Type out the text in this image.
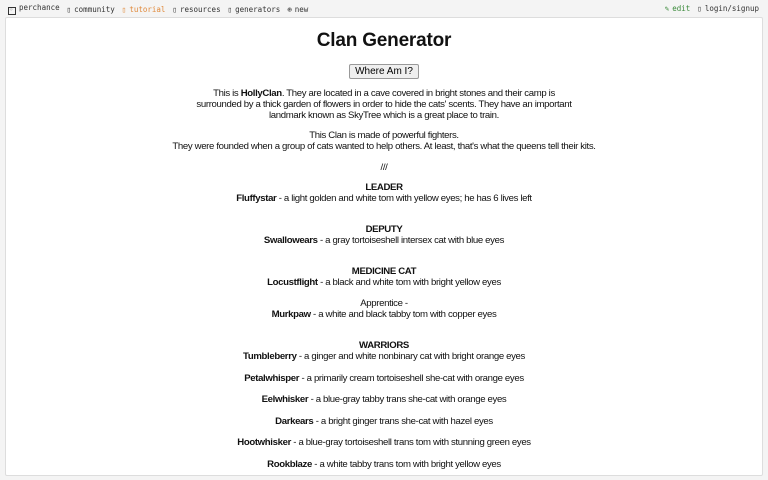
⁘ perchance ▯ community ▯ tutorial ▯ resources ▯ generators ⊕ new	✎ edit ▯ login/signup
Clan Generator
Where Am I?
This is HollyClan. They are located in a cave covered in bright stones and their camp is surrounded by a thick garden of flowers in order to hide the cats' scents. They have an important landmark known as SkyTree which is a great place to train.
This Clan is made of powerful fighters.
They were founded when a group of cats wanted to help others. At least, that's what the queens tell their kits.
///
LEADER
Fluffystar - a light golden and white tom with yellow eyes; he has 6 lives left
DEPUTY
Swallowears - a gray tortoiseshell intersex cat with blue eyes
MEDICINE CAT
Locustflight - a black and white tom with bright yellow eyes
Apprentice -
Murkpaw - a white and black tabby tom with copper eyes
WARRIORS
Tumbleberry - a ginger and white nonbinary cat with bright orange eyes
Petalwhisper - a primarily cream tortoiseshell she-cat with orange eyes
Eelwhisker - a blue-gray tabby trans she-cat with orange eyes
Darkears - a bright ginger trans she-cat with hazel eyes
Hootwhisker - a blue-gray tortoiseshell trans tom with stunning green eyes
Rookblaze - a white tabby trans tom with bright yellow eyes
